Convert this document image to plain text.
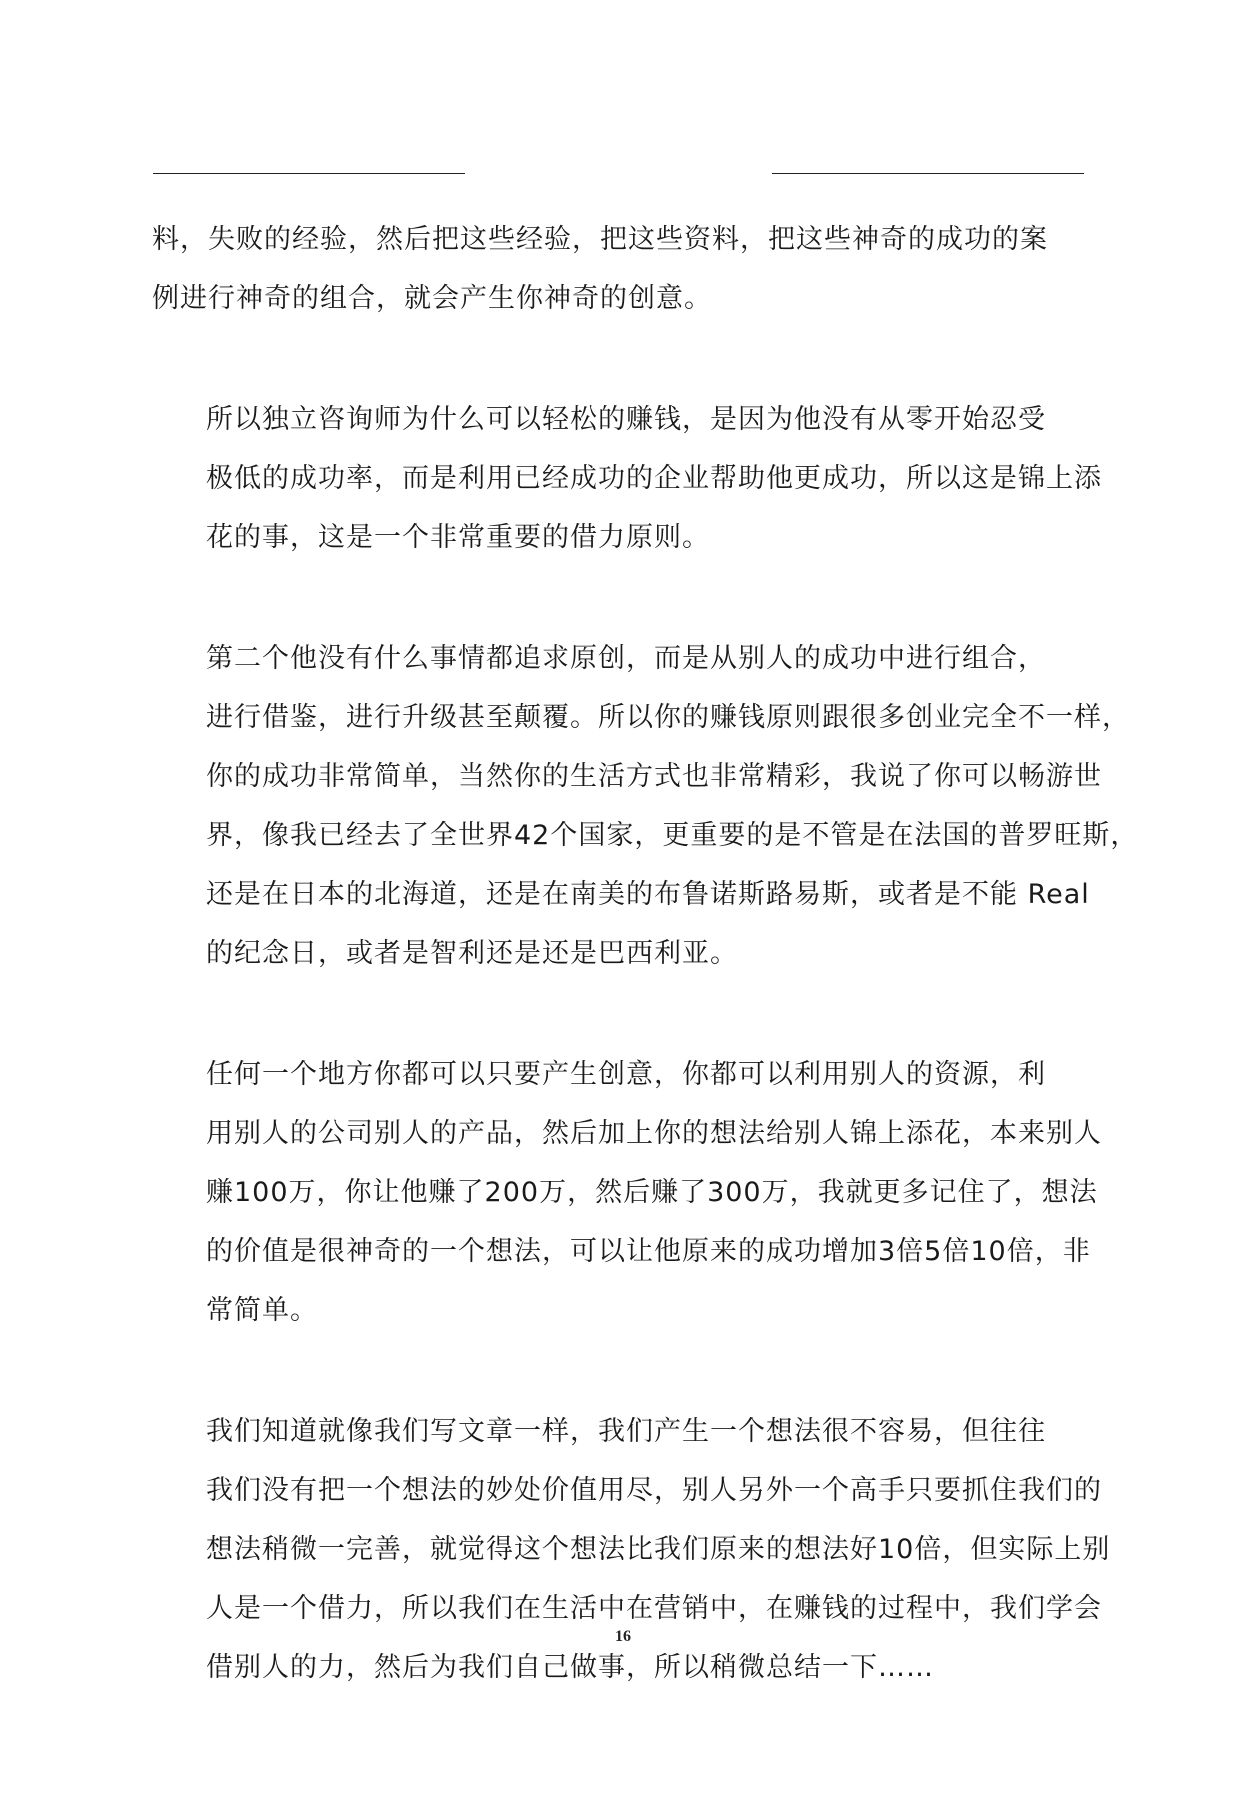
料，失败的经验，然后把这些经验，把这些资料，把这些神奇的成功的案
例进行神奇的组合，就会产生你神奇的创意。

所以独立咨询师为什么可以轻松的赚钱，是因为他没有从零开始忍受
极低的成功率，而是利用已经成功的企业帮助他更成功，所以这是锦上添
花的事，这是一个非常重要的借力原则。

第二个他没有什么事情都追求原创，而是从别人的成功中进行组合，
进行借鉴，进行升级甚至颠覆。所以你的赚钱原则跟很多创业完全不一样，
你的成功非常简单，当然你的生活方式也非常精彩，我说了你可以畅游世
界，像我已经去了全世界42个国家，更重要的是不管是在法国的普罗旺斯，
还是在日本的北海道，还是在南美的布鲁诺斯路易斯，或者是不能 Real
的纪念日，或者是智利还是还是巴西利亚。

任何一个地方你都可以只要产生创意，你都可以利用别人的资源，利
用别人的公司别人的产品，然后加上你的想法给别人锦上添花，本来别人
赚100万，你让他赚了200万，然后赚了300万，我就更多记住了，想法
的价值是很神奇的一个想法，可以让他原来的成功增加3倍5倍10倍，非
常简单。

我们知道就像我们写文章一样，我们产生一个想法很不容易，但往往
我们没有把一个想法的妙处价值用尽，别人另外一个高手只要抓住我们的
想法稍微一完善，就觉得这个想法比我们原来的想法好10倍，但实际上别
人是一个借力，所以我们在生活中在营销中，在赚钱的过程中，我们学会
借别人的力，然后为我们自己做事，所以稍微总结一下……

16
